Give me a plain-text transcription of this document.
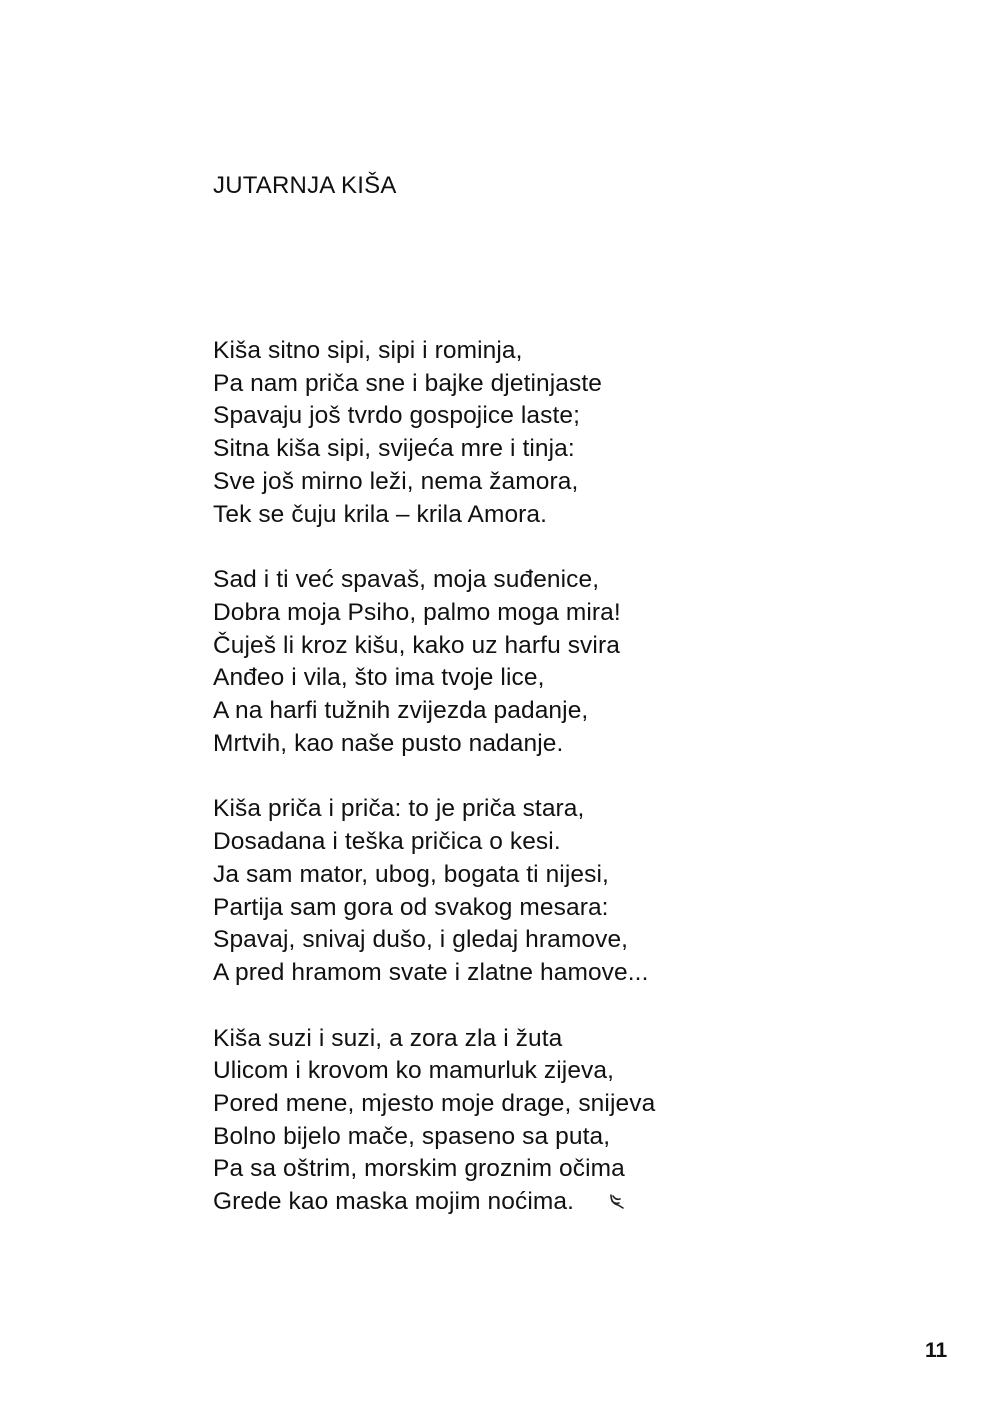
JUTARNJA KIŠA
Kiša sitno sipi, sipi i rominja,
Pa nam priča sne i bajke djetinjaste
Spavaju još tvrdo gospojice laste;
Sitna kiša sipi, svijeća mre i tinja:
Sve još mirno leži, nema žamora,
Tek se čuju krila – krila Amora.
Sad i ti već spavaš, moja suđenice,
Dobra moja Psiho, palmo moga mira!
Čuješ li kroz kišu, kako uz harfu svira
Anđeo i vila, što ima tvoje lice,
A na harfi tužnih zvijezda padanje,
Mrtvih, kao naše pusto nadanje.
Kiša priča i priča: to je priča stara,
Dosadana i teška pričica o kesi.
Ja sam mator, ubog, bogata ti nijesi,
Partija sam gora od svakog mesara:
Spavaj, snivaj dušo, i gledaj hramove,
A pred hramom svate i zlatne hamove...
Kiša suzi i suzi, a zora zla i žuta
Ulicom i krovom ko mamurluk zijeva,
Pored mene, mjesto moje drage, snijeva
Bolno bijelo mače, spaseno sa puta,
Pa sa oštrim, morskim groznim očima
Grede kao maska mojim noćima.
11
